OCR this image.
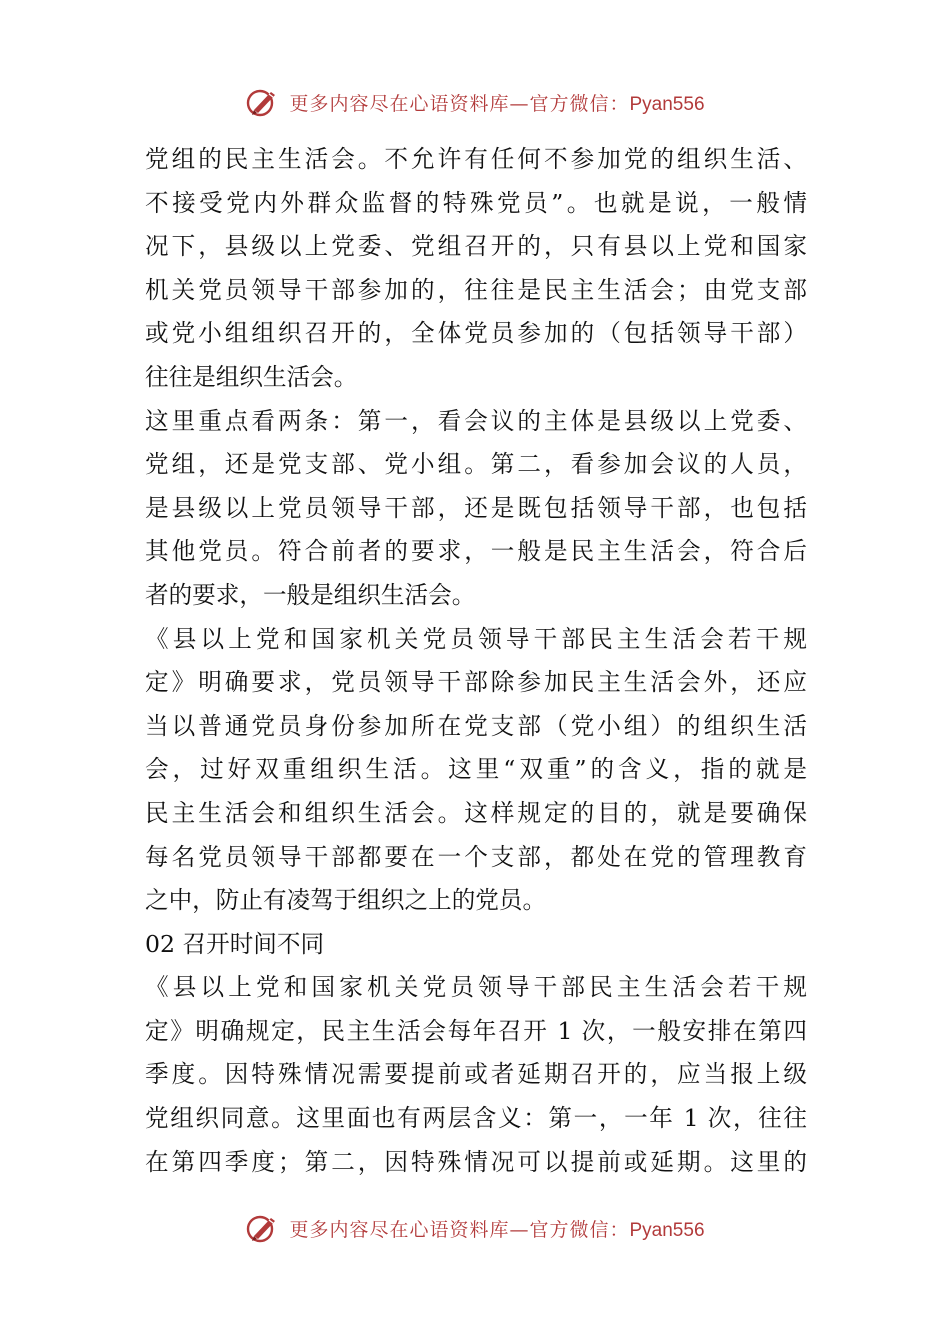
更多内容尽在心语资料库—官方微信：Pyan556
党组的民主生活会。不允许有任何不参加党的组织生活、
不接受党内外群众监督的特殊党员”。也就是说，一般情
况下，县级以上党委、党组召开的，只有县以上党和国家
机关党员领导干部参加的，往往是民主生活会；由党支部
或党小组组织召开的，全体党员参加的（包括领导干部）
往往是组织生活会。
这里重点看两条：第一，看会议的主体是县级以上党委、
党组，还是党支部、党小组。第二，看参加会议的人员，
是县级以上党员领导干部，还是既包括领导干部，也包括
其他党员。符合前者的要求，一般是民主生活会，符合后
者的要求，一般是组织生活会。
《县以上党和国家机关党员领导干部民主生活会若干规
定》明确要求，党员领导干部除参加民主生活会外，还应
当以普通党员身份参加所在党支部（党小组）的组织生活
会，过好双重组织生活。这里“双重”的含义，指的就是
民主生活会和组织生活会。这样规定的目的，就是要确保
每名党员领导干部都要在一个支部，都处在党的管理教育
之中，防止有凌驾于组织之上的党员。
02 召开时间不同
《县以上党和国家机关党员领导干部民主生活会若干规
定》明确规定，民主生活会每年召开 1 次，一般安排在第四
季度。因特殊情况需要提前或者延期召开的，应当报上级
党组织同意。这里面也有两层含义：第一，一年 1 次，往往
在第四季度；第二，因特殊情况可以提前或延期。这里的
更多内容尽在心语资料库—官方微信：Pyan556
